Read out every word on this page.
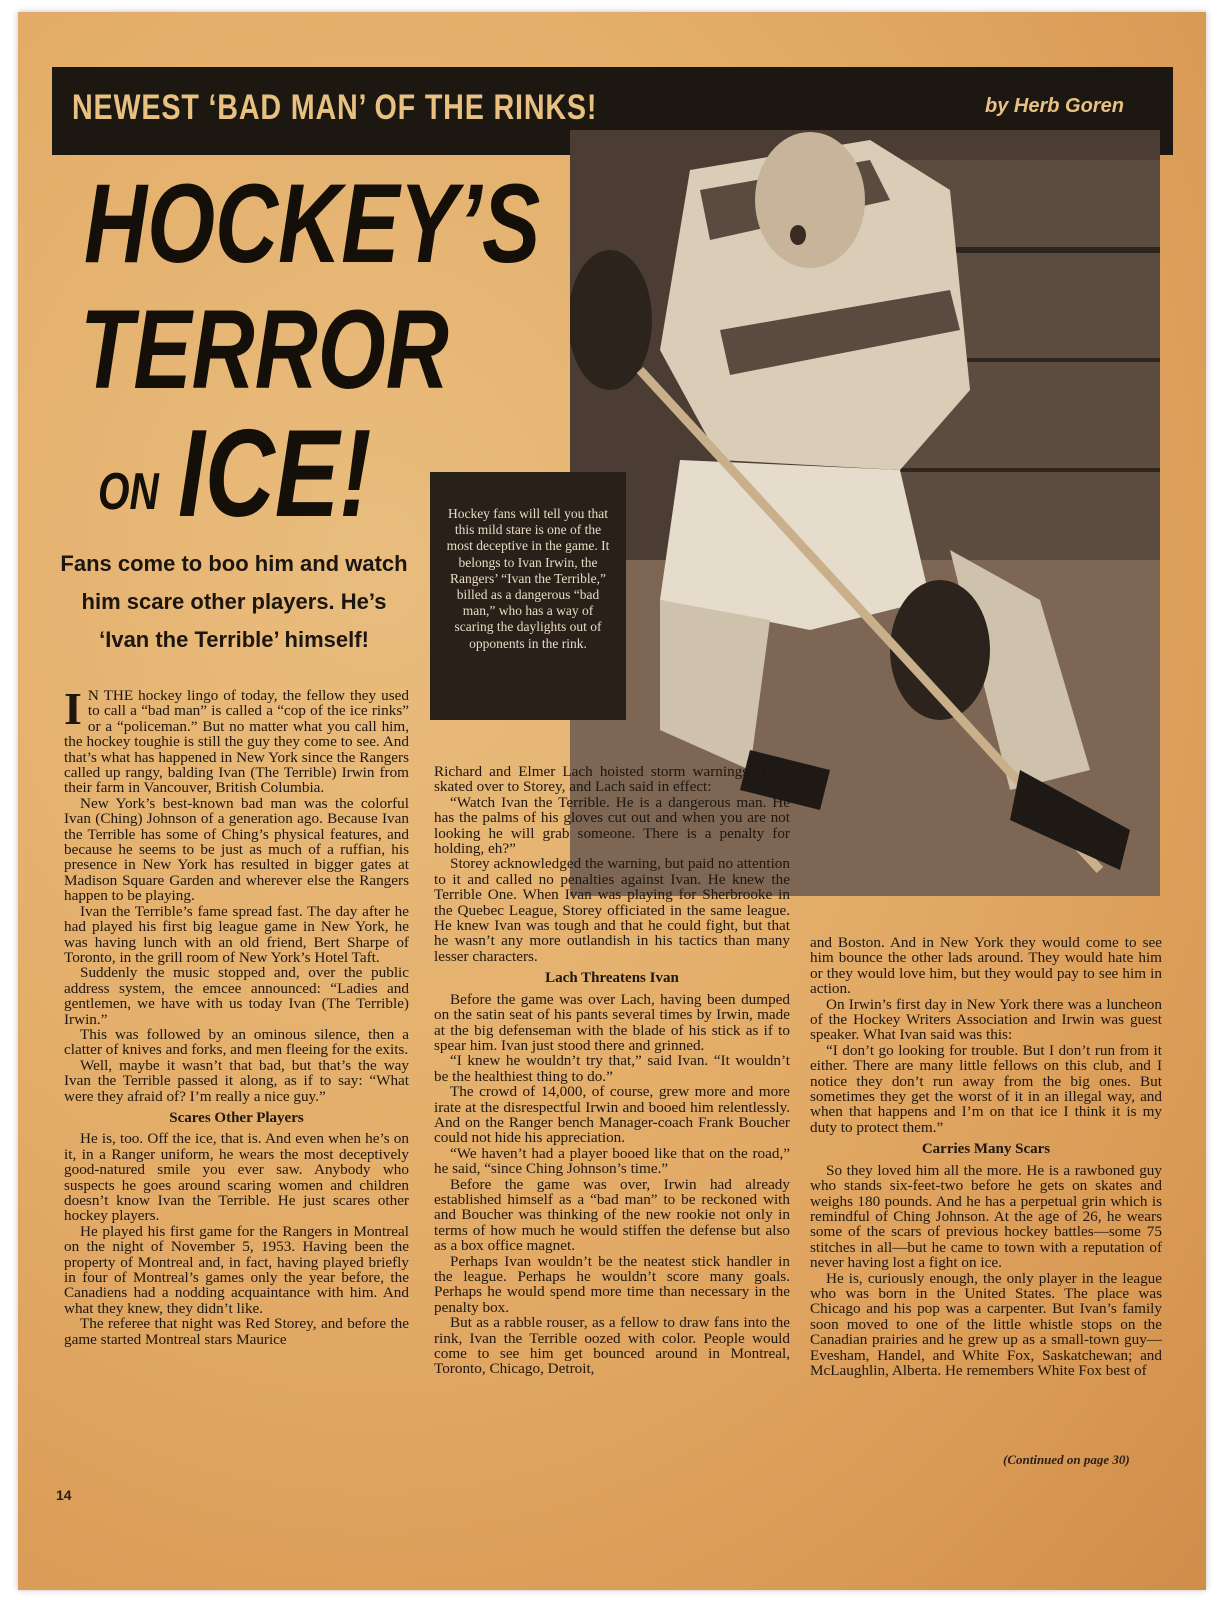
NEWEST ‘BAD MAN’ OF THE RINKS!	by Herb Goren
HOCKEY’S
TERROR
ON ICE!
Fans come to boo him and watch him scare other players. He’s ‘Ivan the Terrible’ himself!
Hockey fans will tell you that this mild stare is one of the most deceptive in the game. It belongs to Ivan Irwin, the Rangers’ “Ivan the Terrible,” billed as a dangerous “bad man,” who has a way of scaring the daylights out of opponents in the rink.

I N THE hockey lingo of today, the fellow they used to call a “bad man” is called a “cop of the ice rinks” or a “policeman.” But no matter what you call him, the hockey toughie is still the guy they come to see. And that’s what has happened in New York since the Rangers called up rangy, balding Ivan (The Terrible) Irwin from their farm in Vancouver, British Columbia.

New York’s best-known bad man was the colorful Ivan (Ching) Johnson of a generation ago. Because Ivan the Terrible has some of Ching’s physical features, and because he seems to be just as much of a ruffian, his presence in New York has resulted in bigger gates at Madison Square Garden and wherever else the Rangers happen to be playing.

Ivan the Terrible’s fame spread fast. The day after he had played his first big league game in New York, he was having lunch with an old friend, Bert Sharpe of Toronto, in the grill room of New York’s Hotel Taft.

Suddenly the music stopped and, over the public address system, the emcee announced: “Ladies and gentlemen, we have with us today Ivan (The Terrible) Irwin.”

This was followed by an ominous silence, then a clatter of knives and forks, and men fleeing for the exits.

Well, maybe it wasn’t that bad, but that’s the way Ivan the Terrible passed it along, as if to say: “What were they afraid of? I’m really a nice guy.”

Scares Other Players

He is, too. Off the ice, that is. And even when he’s on it, in a Ranger uniform, he wears the most deceptively good-natured smile you ever saw. Anybody who suspects he goes around scaring women and children doesn’t know Ivan the Terrible. He just scares other hockey players.

He played his first game for the Rangers in Montreal on the night of November 5, 1953. Having been the property of Montreal and, in fact, having played briefly in four of Montreal’s games only the year before, the Canadiens had a nodding acquaintance with him. And what they knew, they didn’t like.

The referee that night was Red Storey, and before the game started Montreal stars Maurice

Richard and Elmer Lach hoisted storm warnings. They skated over to Storey, and Lach said in effect:

“Watch Ivan the Terrible. He is a dangerous man. He has the palms of his gloves cut out and when you are not looking he will grab someone. There is a penalty for holding, eh?”

Storey acknowledged the warning, but paid no attention to it and called no penalties against Ivan. He knew the Terrible One. When Ivan was playing for Sherbrooke in the Quebec League, Storey officiated in the same league. He knew Ivan was tough and that he could fight, but that he wasn’t any more outlandish in his tactics than many lesser characters.

Lach Threatens Ivan

Before the game was over Lach, having been dumped on the satin seat of his pants several times by Irwin, made at the big defenseman with the blade of his stick as if to spear him. Ivan just stood there and grinned.

“I knew he wouldn’t try that,” said Ivan. “It wouldn’t be the healthiest thing to do.”

The crowd of 14,000, of course, grew more and more irate at the disrespectful Irwin and booed him relentlessly. And on the Ranger bench Manager-coach Frank Boucher could not hide his appreciation.

“We haven’t had a player booed like that on the road,” he said, “since Ching Johnson’s time.”

Before the game was over, Irwin had already established himself as a “bad man” to be reckoned with and Boucher was thinking of the new rookie not only in terms of how much he would stiffen the defense but also as a box office magnet.

Perhaps Ivan wouldn’t be the neatest stick handler in the league. Perhaps he wouldn’t score many goals. Perhaps he would spend more time than necessary in the penalty box.

But as a rabble rouser, as a fellow to draw fans into the rink, Ivan the Terrible oozed with color. People would come to see him get bounced around in Montreal, Toronto, Chicago, Detroit,

and Boston. And in New York they would come to see him bounce the other lads around. They would hate him or they would love him, but they would pay to see him in action.

On Irwin’s first day in New York there was a luncheon of the Hockey Writers Association and Irwin was guest speaker. What Ivan said was this:

“I don’t go looking for trouble. But I don’t run from it either. There are many little fellows on this club, and I notice they don’t run away from the big ones. But sometimes they get the worst of it in an illegal way, and when that happens and I’m on that ice I think it is my duty to protect them.”

Carries Many Scars

So they loved him all the more. He is a rawboned guy who stands six-feet-two before he gets on skates and weighs 180 pounds. And he has a perpetual grin which is remindful of Ching Johnson. At the age of 26, he wears some of the scars of previous hockey battles—some 75 stitches in all—but he came to town with a reputation of never having lost a fight on ice.

He is, curiously enough, the only player in the league who was born in the United States. The place was Chicago and his pop was a carpenter. But Ivan’s family soon moved to one of the little whistle stops on the Canadian prairies and he grew up as a small-town guy—Evesham, Handel, and White Fox, Saskatchewan; and McLaughlin, Alberta. He remembers White Fox best of

(Continued on page 30)
14
